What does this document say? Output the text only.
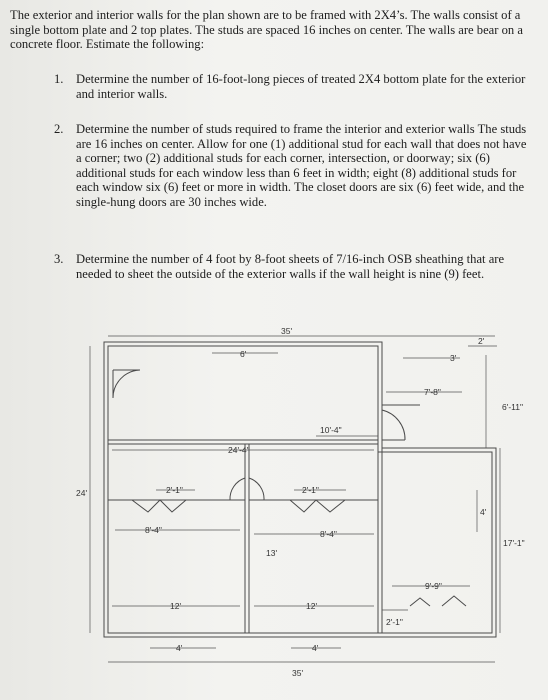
The exterior and interior walls for the plan shown are to be framed with 2X4’s. The walls consist of a single bottom plate and 2 top plates. The studs are spaced 16 inches on center. The walls are bear on a concrete floor. Estimate the following:
1. Determine the number of 16-foot-long pieces of treated 2X4 bottom plate for the exterior and interior walls.
2. Determine the number of studs required to frame the interior and exterior walls The studs are 16 inches on center. Allow for one (1) additional stud for each wall that does not have a corner; two (2) additional studs for each corner, intersection, or doorway; six (6) additional studs for each window less than 6 feet in width; eight (8) additional studs for each window six (6) feet or more in width. The closet doors are six (6) feet wide, and the single-hung doors are 30 inches wide.
3. Determine the number of 4 foot by 8-foot sheets of 7/16-inch OSB sheathing that are needed to sheet the outside of the exterior walls if the wall height is nine (9) feet.
35'
6'	3'
2'
6'-11"
7'-8"
10'-4"
24'-4"
24'	2'-1"	2'-1"
8'-4"	8'-4"
4'
17'-1"
13'
9'-9"
12'	12'
2'-1"
4'	4'
35'
